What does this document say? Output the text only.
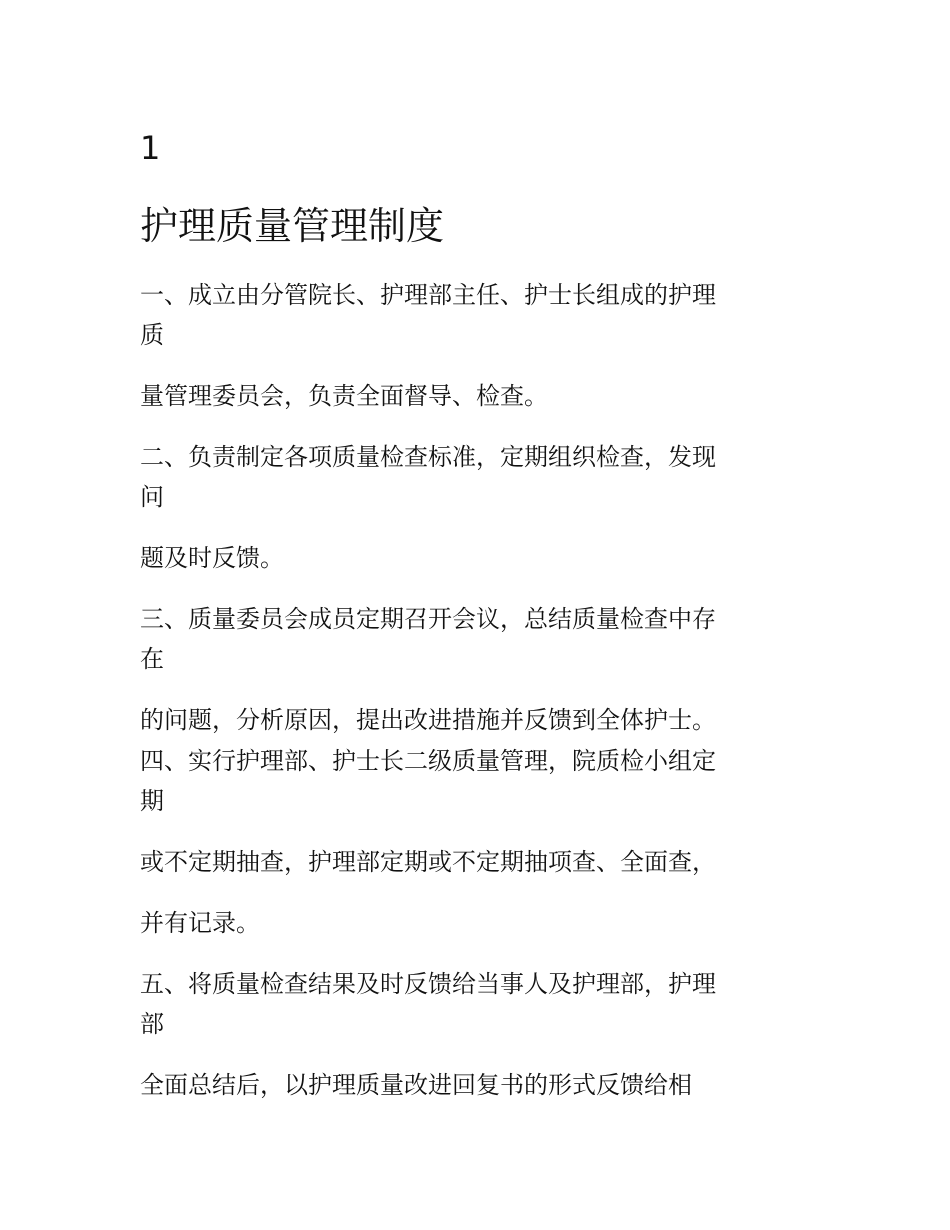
1

护理质量管理制度

一、成立由分管院长、护理部主任、护士长组成的护理

质

量管理委员会，负责全面督导、检查。

二、负责制定各项质量检查标准，定期组织检查，发现

问

题及时反馈。

三、质量委员会成员定期召开会议，总结质量检查中存

在

的问题，分析原因，提出改进措施并反馈到全体护士。

四、实行护理部、护士长二级质量管理，院质检小组定

期

或不定期抽查，护理部定期或不定期抽项查、全面查，

并有记录。

五、将质量检查结果及时反馈给当事人及护理部，护理

部

全面总结后，以护理质量改进回复书的形式反馈给相
